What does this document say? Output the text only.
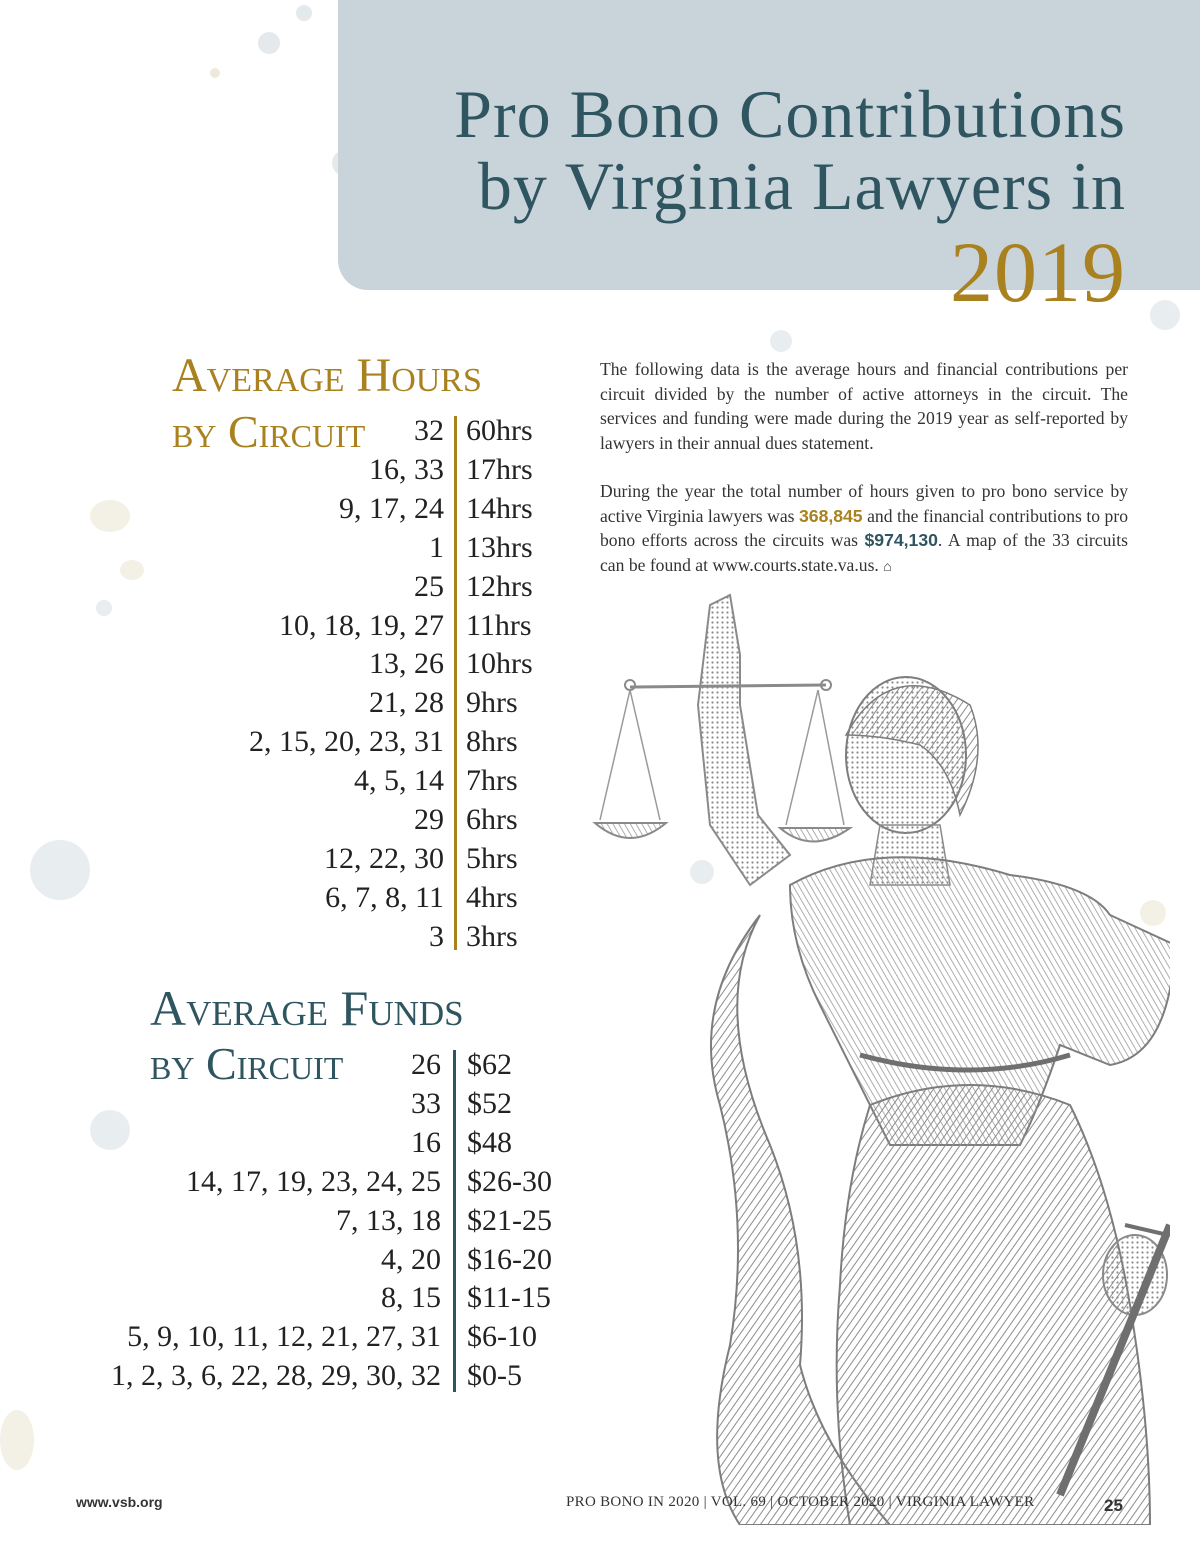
Pro Bono Contributions
by Virginia Lawyers in
2019
Average Hours
by Circuit	32 60hrs
16, 33 17hrs
9, 17, 24 14hrs
1 13hrs
25 12hrs
10, 18, 19, 27 11hrs
13, 26 10hrs
21, 28 9hrs
2, 15, 20, 23, 31 8hrs
4, 5, 14 7hrs
29 6hrs
12, 22, 30 5hrs
6, 7, 8, 11 4hrs
3 3hrs
Average Funds
by Circuit	26 $62
33 $52
16 $48
14, 17, 19, 23, 24, 25 $26-30
7, 13, 18 $21-25
4, 20 $16-20
8, 15 $11-15
5, 9, 10, 11, 12, 21, 27, 31 $6-10
1, 2, 3, 6, 22, 28, 29, 30, 32 $0-5

The following data is the average hours and financial contributions per circuit divided by the number of active attorneys in the circuit. The services and funding were made during the 2019 year as self-reported by lawyers in their annual dues statement.

During the year the total number of hours given to pro bono service by active Virginia lawyers was 368,845 and the financial contributions to pro bono efforts across the circuits was $974,130. A map of the 33 circuits can be found at www.courts.state.va.us. ⌂

www.vsb.org	PRO BONO IN 2020 | VOL. 69 | OCTOBER 2020 | VIRGINIA LAWYER	25
